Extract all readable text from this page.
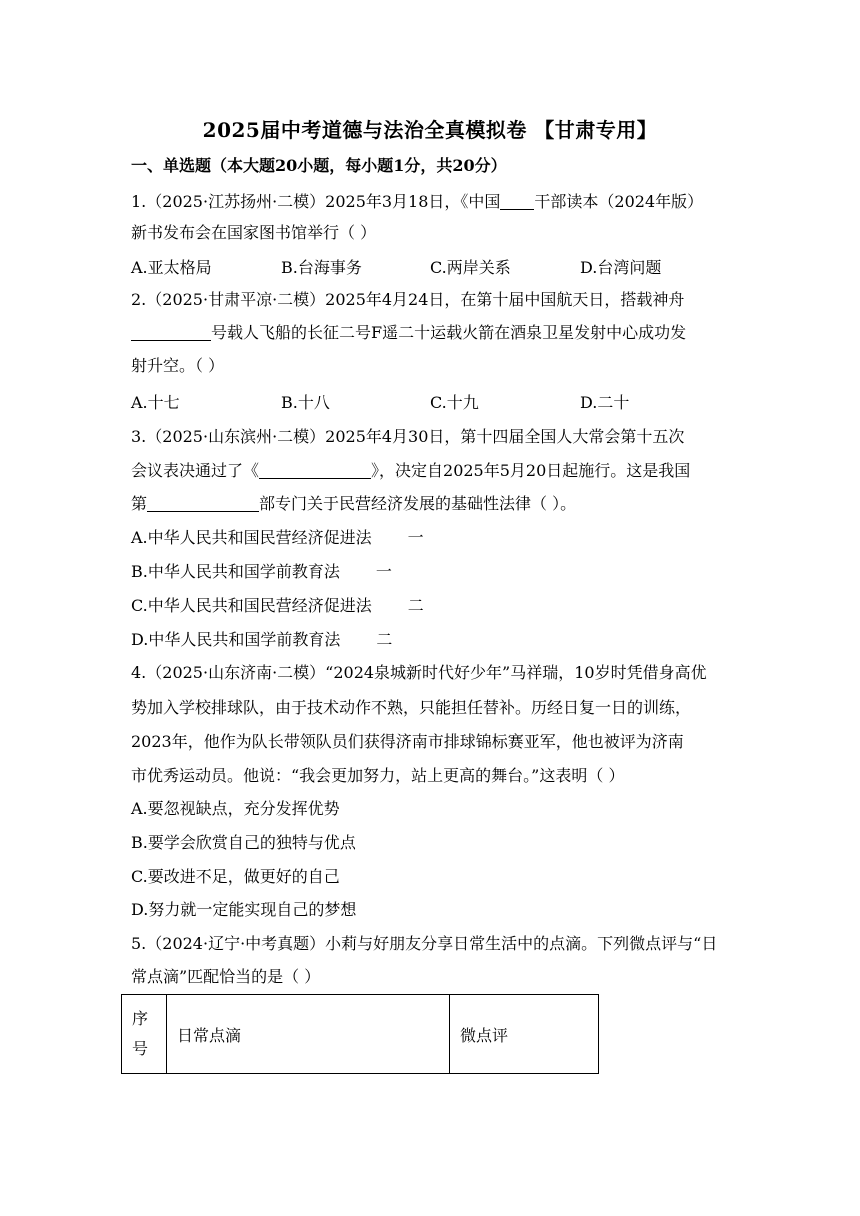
2025届中考道德与法治全真模拟卷 【甘肃专用】
一、单选题（本大题20小题，每小题1分，共20分）
1.（2025·江苏扬州·二模）2025年3月18日，《中国 干部读本（2024年版）
新书发布会在国家图书馆举行（ ）
A.亚太格局	B.台海事务	C.两岸关系	D.台湾问题
2.（2025·甘肃平凉·二模）2025年4月24日，在第十届中国航天日，搭载神舟
号载人飞船的长征二号F遥二十运载火箭在酒泉卫星发射中心成功发
射升空。（ ）
A.十七	B.十八	C.十九	D.二十
3.（2025·山东滨州·二模）2025年4月30日，第十四届全国人大常会第十五次
会议表决通过了《	》，决定自2025年5月20日起施行。这是我国
第	部专门关于民营经济发展的基础性法律（ ）。
A.中华人民共和国民营经济促进法 一
B.中华人民共和国学前教育法 一
C.中华人民共和国民营经济促进法 二
D.中华人民共和国学前教育法 二
4.（2025·山东济南·二模）“2024泉城新时代好少年”马祥瑞，10岁时凭借身高优
势加入学校排球队，由于技术动作不熟，只能担任替补。历经日复一日的训练，
2023年，他作为队长带领队员们获得济南市排球锦标赛亚军，他也被评为济南
市优秀运动员。他说：“我会更加努力，站上更高的舞台。”这表明（ ）
A.要忽视缺点，充分发挥优势
B.要学会欣赏自己的独特与优点
C.要改进不足，做更好的自己
D.努力就一定能实现自己的梦想
5.（2024·辽宁·中考真题）小莉与好朋友分享日常生活中的点滴。下列微点评与“日
常点滴”匹配恰当的是（ ）
序
号	日常点滴	微点评
